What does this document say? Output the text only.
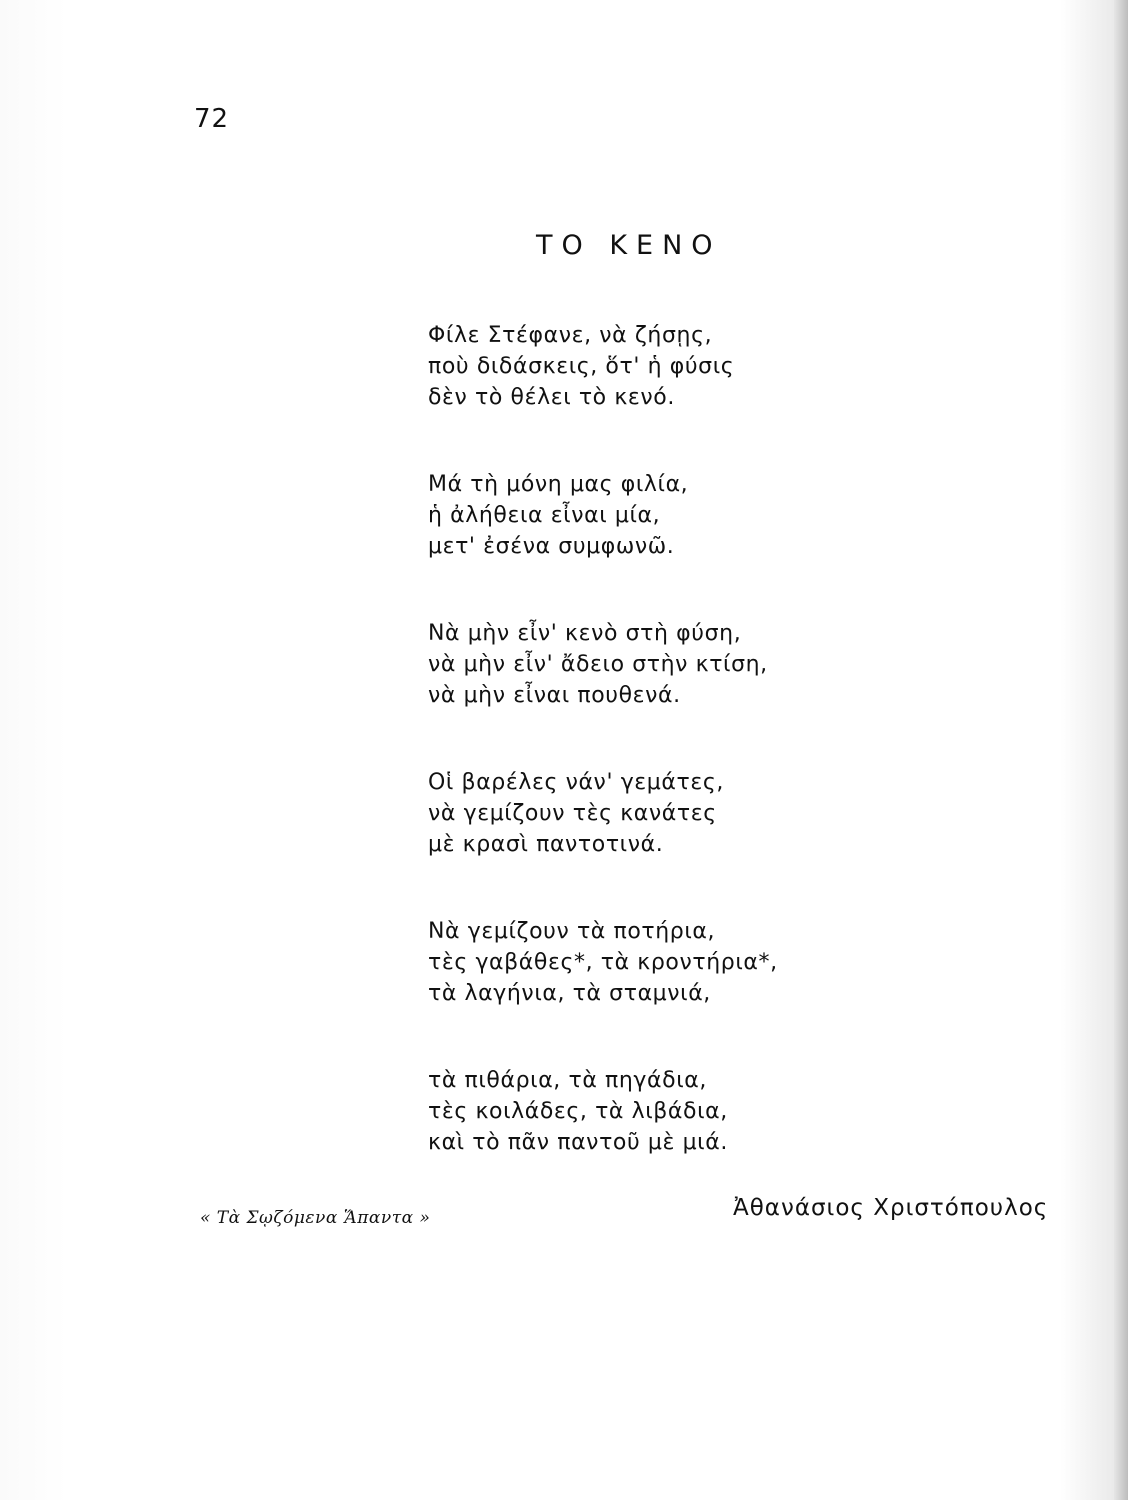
72
ΤΟ ΚΕΝΟ
Φίλε Στέφανε, νὰ ζήσῃς,
ποὺ διδάσκεις, ὅτ' ἡ φύσις
δὲν τὸ θέλει τὸ κενό.
Μά τὴ μόνη μας φιλία,
ἡ ἀλήθεια εἶναι μία,
μετ' ἐσένα συμφωνῶ.
Νὰ μὴν εἶν' κενὸ στὴ φύση,
νὰ μὴν εἶν' ἄδειο στὴν κτίση,
νὰ μὴν εἶναι πουθενά.
Οἱ βαρέλες νάν' γεμάτες,
νὰ γεμίζουν τὲς κανάτες
μὲ κρασὶ παντοτινά.
Νὰ γεμίζουν τὰ ποτήρια,
τὲς γαβάθες*, τὰ κροντήρια*,
τὰ λαγήνια, τὰ σταμνιά,
τὰ πιθάρια, τὰ πηγάδια,
τὲς κοιλάδες, τὰ λιβάδια,
καὶ τὸ πᾶν παντοῦ μὲ μιά.
« Τὰ Σῳζόμενα Ἅπαντα »	Ἀθανάσιος Χριστόπουλος
